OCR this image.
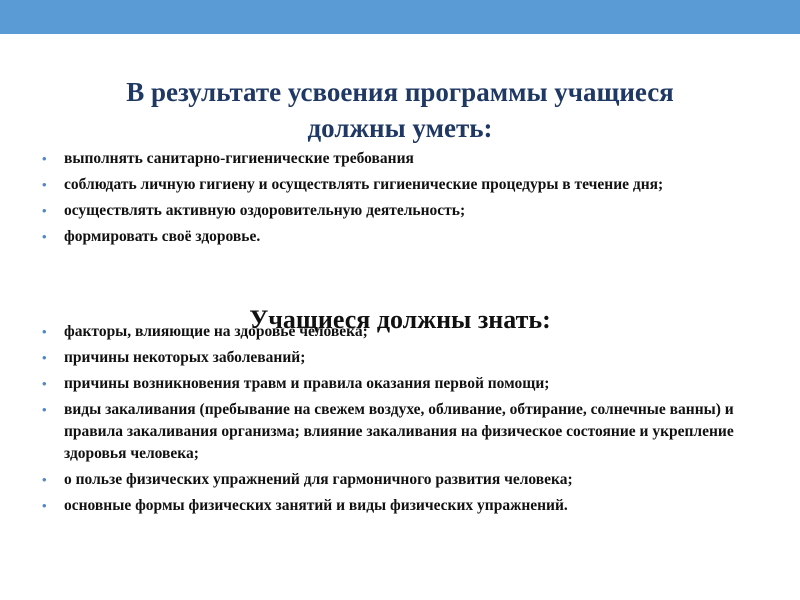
В результате усвоения программы учащиеся
должны уметь:
• выполнять санитарно-гигиенические требования
• соблюдать личную гигиену и осуществлять гигиенические процедуры в течение дня;
• осуществлять активную оздоровительную деятельность;
• формировать своё здоровье.
Учащиеся должны знать:
• факторы, влияющие на здоровье человека;
• причины некоторых заболеваний;
• причины возникновения травм и правила оказания первой помощи;
• виды закаливания (пребывание на свежем воздухе, обливание, обтирание, солнечные ванны) и правила закаливания организма; влияние закаливания на физическое состояние и укрепление здоровья человека;
• о пользе физических упражнений для гармоничного развития человека;
• основные формы физических занятий и виды физических упражнений.
